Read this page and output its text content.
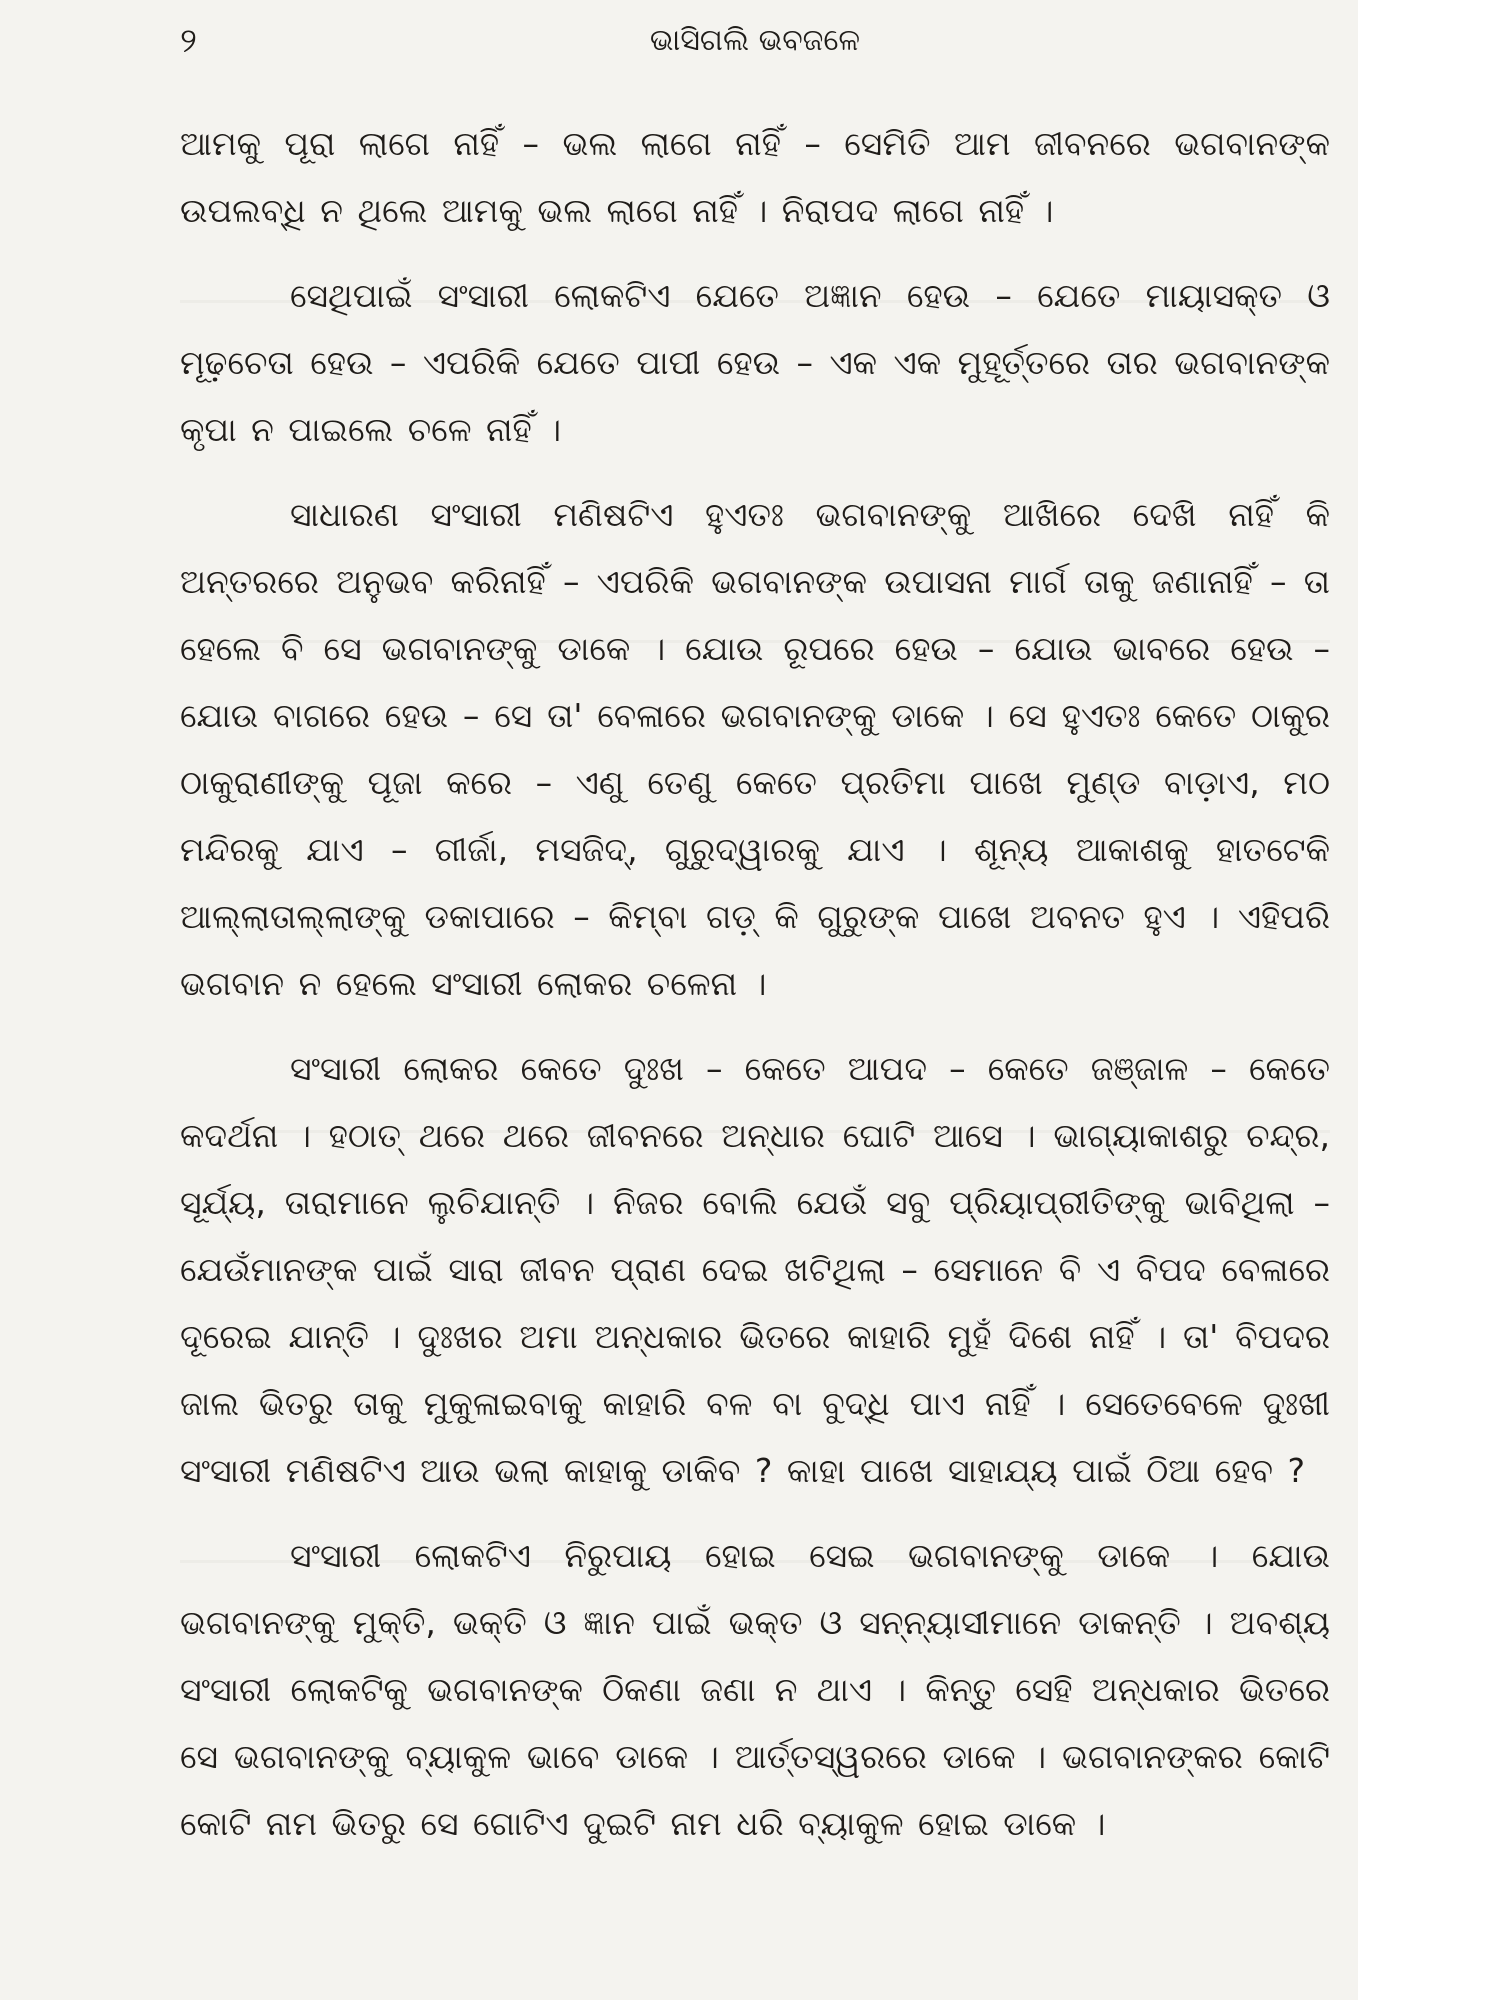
୨	ଭାସିଗଲି ଭବଜଳେ

ଆମକୁ ପୂରା ଲାଗେ ନାହିଁ – ଭଲ ଲାଗେ ନାହିଁ – ସେମିତି ଆମ ଜୀବନରେ ଭଗବାନଙ୍କ ଉପଲବ୍ଧି ନ ଥିଲେ ଆମକୁ ଭଲ ଲାଗେ ନାହିଁ । ନିରାପଦ ଲାଗେ ନାହିଁ ।

ସେଥିପାଇଁ ସଂସାରୀ ଲୋକଟିଏ ଯେତେ ଅଜ୍ଞାନ ହେଉ – ଯେତେ ମାୟାସକ୍ତ ଓ ମୂଢ଼ଚେତା ହେଉ – ଏପରିକି ଯେତେ ପାପୀ ହେଉ – ଏକ ଏକ ମୁହୂର୍ତ୍ତରେ ତାର ଭଗବାନଙ୍କ କୃପା ନ ପାଇଲେ ଚଳେ ନାହିଁ ।

ସାଧାରଣ ସଂସାରୀ ମଣିଷଟିଏ ହୁଏତଃ ଭଗବାନଙ୍କୁ ଆଖିରେ ଦେଖି ନାହିଁ କି ଅନ୍ତରରେ ଅନୁଭବ କରିନାହିଁ – ଏପରିକି ଭଗବାନଙ୍କ ଉପାସନା ମାର୍ଗ ତାକୁ ଜଣାନାହିଁ – ତା ହେଲେ ବି ସେ ଭଗବାନଙ୍କୁ ଡାକେ । ଯୋଉ ରୂପରେ ହେଉ – ଯୋଉ ଭାବରେ ହେଉ – ଯୋଉ ବାଗରେ ହେଉ – ସେ ତା' ବେଳାରେ ଭଗବାନଙ୍କୁ ଡାକେ । ସେ ହୁଏତଃ କେତେ ଠାକୁର ଠାକୁରାଣୀଙ୍କୁ ପୂଜା କରେ – ଏଣୁ ତେଣୁ କେତେ ପ୍ରତିମା ପାଖେ ମୁଣ୍ଡ ବାଡ଼ାଏ, ମଠ ମନ୍ଦିରକୁ ଯାଏ – ଗୀର୍ଜା, ମସଜିଦ୍, ଗୁରୁଦ୍ୱାରକୁ ଯାଏ । ଶୂନ୍ୟ ଆକାଶକୁ ହାତଟେକି ଆଲ୍ଲାତାଲ୍ଲାଙ୍କୁ ଡକାପାରେ – କିମ୍ବା ଗଡ଼୍ କି ଗୁରୁଙ୍କ ପାଖେ ଅବନତ ହୁଏ । ଏହିପରି ଭଗବାନ ନ ହେଲେ ସଂସାରୀ ଲୋକର ଚଳେନା ।

ସଂସାରୀ ଲୋକର କେତେ ଦୁଃଖ – କେତେ ଆପଦ – କେତେ ଜଞ୍ଜାଳ – କେତେ କଦର୍ଥନା । ହଠାତ୍ ଥରେ ଥରେ ଜୀବନରେ ଅନ୍ଧାର ଘୋଟି ଆସେ । ଭାଗ୍ୟାକାଶରୁ ଚନ୍ଦ୍ର, ସୂର୍ଯ୍ୟ, ତାରାମାନେ ଲୁଚିଯାନ୍ତି । ନିଜର ବୋଲି ଯେଉଁ ସବୁ ପ୍ରିୟାପ୍ରୀତିଙ୍କୁ ଭାବିଥିଲା – ଯେଉଁମାନଙ୍କ ପାଇଁ ସାରା ଜୀବନ ପ୍ରାଣ ଦେଇ ଖଟିଥିଲା – ସେମାନେ ବି ଏ ବିପଦ ବେଳାରେ ଦୂରେଇ ଯାନ୍ତି । ଦୁଃଖର ଅମା ଅନ୍ଧକାର ଭିତରେ କାହାରି ମୁହଁ ଦିଶେ ନାହିଁ । ତା' ବିପଦର ଜାଲ ଭିତରୁ ତାକୁ ମୁକୁଳାଇବାକୁ କାହାରି ବଳ ବା ବୁଦ୍ଧି ପାଏ ନାହିଁ । ସେତେବେଳେ ଦୁଃଖୀ ସଂସାରୀ ମଣିଷଟିଏ ଆଉ ଭଲା କାହାକୁ ଡାକିବ ? କାହା ପାଖେ ସାହାଯ୍ୟ ପାଇଁ ଠିଆ ହେବ ?

ସଂସାରୀ ଲୋକଟିଏ ନିରୁପାୟ ହୋଇ ସେଇ ଭଗବାନଙ୍କୁ ଡାକେ । ଯୋଉ ଭଗବାନଙ୍କୁ ମୁକ୍ତି, ଭକ୍ତି ଓ ଜ୍ଞାନ ପାଇଁ ଭକ୍ତ ଓ ସନ୍ନ୍ୟାସୀମାନେ ଡାକନ୍ତି । ଅବଶ୍ୟ ସଂସାରୀ ଲୋକଟିକୁ ଭଗବାନଙ୍କ ଠିକଣା ଜଣା ନ ଥାଏ । କିନ୍ତୁ ସେହି ଅନ୍ଧକାର ଭିତରେ ସେ ଭଗବାନଙ୍କୁ ବ୍ୟାକୁଳ ଭାବେ ଡାକେ । ଆର୍ତ୍ତସ୍ୱରରେ ଡାକେ । ଭଗବାନଙ୍କର କୋଟି କୋଟି ନାମ ଭିତରୁ ସେ ଗୋଟିଏ ଦୁଇଟି ନାମ ଧରି ବ୍ୟାକୁଳ ହୋଇ ଡାକେ ।
